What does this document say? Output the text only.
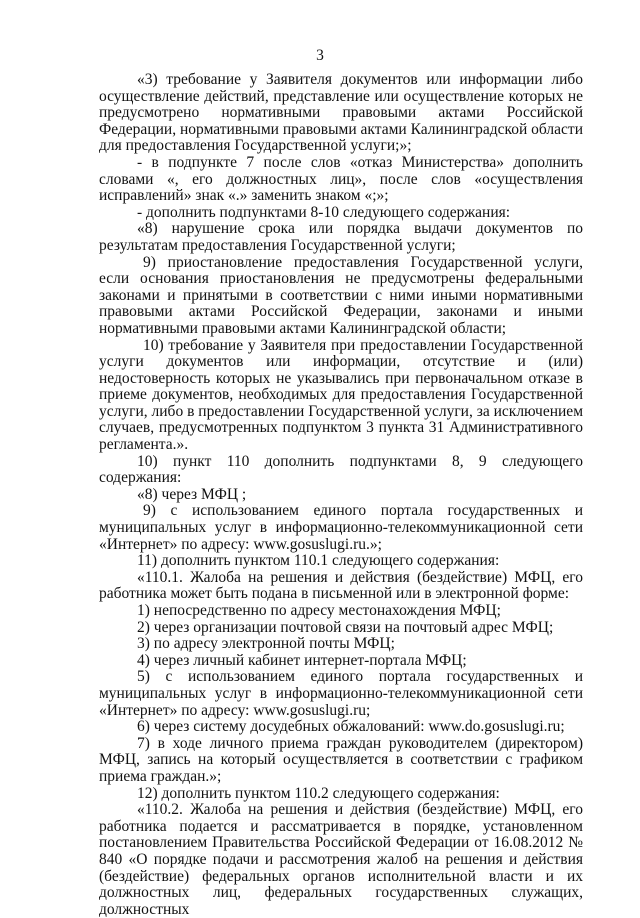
3

«3) требование у Заявителя документов или информации либо осуществление действий, представление или осуществление которых не предусмотрено нормативными правовыми актами Российской Федерации, нормативными правовыми актами Калининградской области для предоставления Государственной услуги;»;

- в подпункте 7 после слов «отказ Министерства» дополнить словами «, его должностных лиц», после слов «осуществления исправлений» знак «.» заменить знаком «;»;

- дополнить подпунктами 8-10 следующего содержания:

«8) нарушение срока или порядка выдачи документов по результатам предоставления Государственной услуги;

9) приостановление предоставления Государственной услуги, если основания приостановления не предусмотрены федеральными законами и принятыми в соответствии с ними иными нормативными правовыми актами Российской Федерации, законами и иными нормативными правовыми актами Калининградской области;

10) требование у Заявителя при предоставлении Государственной услуги документов или информации, отсутствие и (или) недостоверность которых не указывались при первоначальном отказе в приеме документов, необходимых для предоставления Государственной услуги, либо в предоставлении Государственной услуги, за исключением случаев, предусмотренных подпунктом 3 пункта 31 Административного регламента.».

10) пункт 110 дополнить подпунктами 8, 9 следующего содержания:

«8) через МФЦ ;

9) с использованием единого портала государственных и муниципальных услуг в информационно-телекоммуникационной сети «Интернет» по адресу: www.gosuslugi.ru.»;

11) дополнить пунктом 110.1 следующего содержания:

«110.1. Жалоба на решения и действия (бездействие) МФЦ, его работника может быть подана в письменной или в электронной форме:

1) непосредственно по адресу местонахождения МФЦ;

2) через организации почтовой связи на почтовый адрес МФЦ;

3) по адресу электронной почты МФЦ;

4) через личный кабинет интернет-портала МФЦ;

5) с использованием единого портала государственных и муниципальных услуг в информационно-телекоммуникационной сети «Интернет» по адресу: www.gosuslugi.ru;

6) через систему досудебных обжалований: www.do.gosuslugi.ru;

7) в ходе личного приема граждан руководителем (директором) МФЦ, запись на который осуществляется в соответствии с графиком приема граждан.»;

12) дополнить пунктом 110.2 следующего содержания:

«110.2. Жалоба на решения и действия (бездействие) МФЦ, его работника подается и рассматривается в порядке, установленном постановлением Правительства Российской Федерации от 16.08.2012 № 840 «О порядке подачи и рассмотрения жалоб на решения и действия (бездействие) федеральных органов исполнительной власти и их должностных лиц, федеральных государственных служащих, должностных
